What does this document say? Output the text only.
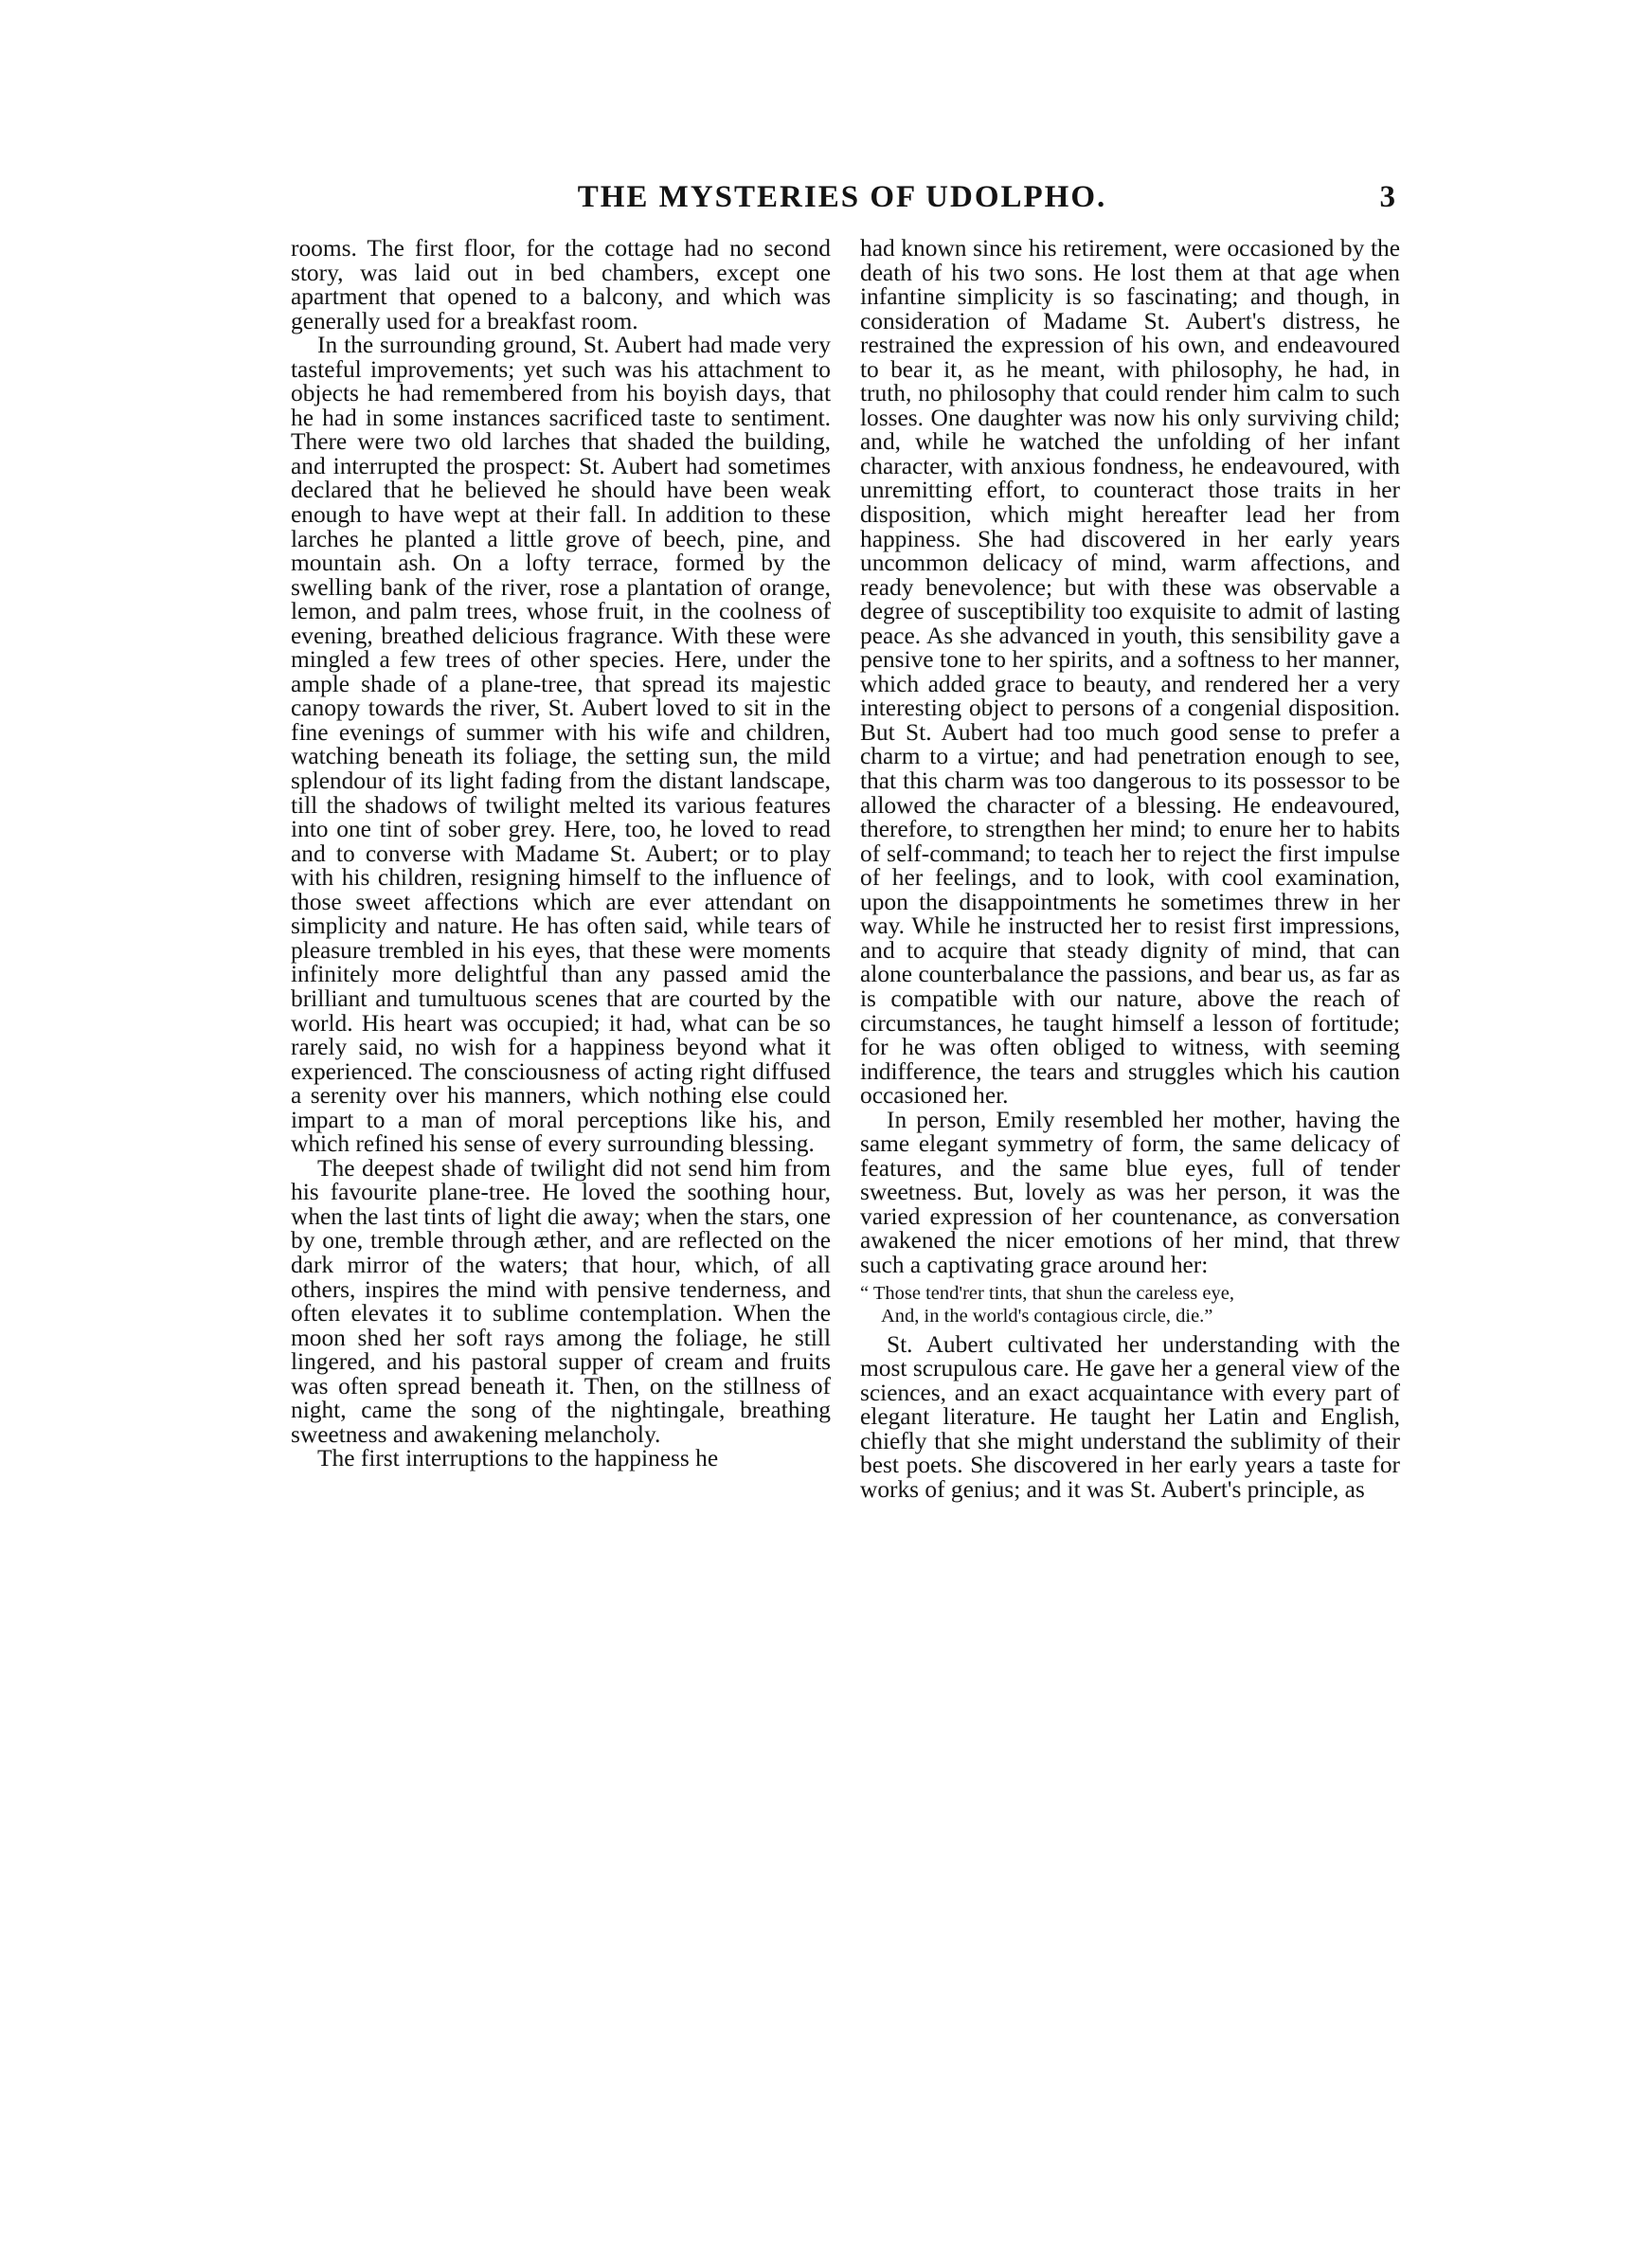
THE MYSTERIES OF UDOLPHO.	3

rooms. The first floor, for the cottage had no second story, was laid out in bed chambers, except one apartment that opened to a balcony, and which was generally used for a breakfast room.

In the surrounding ground, St. Aubert had made very tasteful improvements; yet such was his attachment to objects he had remembered from his boyish days, that he had in some instances sacrificed taste to sentiment. There were two old larches that shaded the building, and interrupted the prospect: St. Aubert had sometimes declared that he believed he should have been weak enough to have wept at their fall. In addition to these larches he planted a little grove of beech, pine, and mountain ash. On a lofty terrace, formed by the swelling bank of the river, rose a plantation of orange, lemon, and palm trees, whose fruit, in the coolness of evening, breathed delicious fragrance. With these were mingled a few trees of other species. Here, under the ample shade of a plane-tree, that spread its majestic canopy towards the river, St. Aubert loved to sit in the fine evenings of summer with his wife and children, watching beneath its foliage, the setting sun, the mild splendour of its light fading from the distant landscape, till the shadows of twilight melted its various features into one tint of sober grey. Here, too, he loved to read and to converse with Madame St. Aubert; or to play with his children, resigning himself to the influence of those sweet affections which are ever attendant on simplicity and nature. He has often said, while tears of pleasure trembled in his eyes, that these were moments infinitely more delightful than any passed amid the brilliant and tumultuous scenes that are courted by the world. His heart was occupied; it had, what can be so rarely said, no wish for a happiness beyond what it experienced. The consciousness of acting right diffused a serenity over his manners, which nothing else could impart to a man of moral perceptions like his, and which refined his sense of every surrounding blessing.

The deepest shade of twilight did not send him from his favourite plane-tree. He loved the soothing hour, when the last tints of light die away; when the stars, one by one, tremble through æther, and are reflected on the dark mirror of the waters; that hour, which, of all others, inspires the mind with pensive tenderness, and often elevates it to sublime contemplation. When the moon shed her soft rays among the foliage, he still lingered, and his pastoral supper of cream and fruits was often spread beneath it. Then, on the stillness of night, came the song of the nightingale, breathing sweetness and awakening melancholy.

The first interruptions to the happiness he

had known since his retirement, were occasioned by the death of his two sons. He lost them at that age when infantine simplicity is so fascinating; and though, in consideration of Madame St. Aubert's distress, he restrained the expression of his own, and endeavoured to bear it, as he meant, with philosophy, he had, in truth, no philosophy that could render him calm to such losses. One daughter was now his only surviving child; and, while he watched the unfolding of her infant character, with anxious fondness, he endeavoured, with unremitting effort, to counteract those traits in her disposition, which might hereafter lead her from happiness. She had discovered in her early years uncommon delicacy of mind, warm affections, and ready benevolence; but with these was observable a degree of susceptibility too exquisite to admit of lasting peace. As she advanced in youth, this sensibility gave a pensive tone to her spirits, and a softness to her manner, which added grace to beauty, and rendered her a very interesting object to persons of a congenial disposition. But St. Aubert had too much good sense to prefer a charm to a virtue; and had penetration enough to see, that this charm was too dangerous to its possessor to be allowed the character of a blessing. He endeavoured, therefore, to strengthen her mind; to enure her to habits of self-command; to teach her to reject the first impulse of her feelings, and to look, with cool examination, upon the disappointments he sometimes threw in her way. While he instructed her to resist first impressions, and to acquire that steady dignity of mind, that can alone counterbalance the passions, and bear us, as far as is compatible with our nature, above the reach of circumstances, he taught himself a lesson of fortitude; for he was often obliged to witness, with seeming indifference, the tears and struggles which his caution occasioned her.

In person, Emily resembled her mother, having the same elegant symmetry of form, the same delicacy of features, and the same blue eyes, full of tender sweetness. But, lovely as was her person, it was the varied expression of her countenance, as conversation awakened the nicer emotions of her mind, that threw such a captivating grace around her:

“ Those tend'rer tints, that shun the careless eye,
And, in the world's contagious circle, die.”

St. Aubert cultivated her understanding with the most scrupulous care. He gave her a general view of the sciences, and an exact acquaintance with every part of elegant literature. He taught her Latin and English, chiefly that she might understand the sublimity of their best poets. She discovered in her early years a taste for works of genius; and it was St. Aubert's principle, as
